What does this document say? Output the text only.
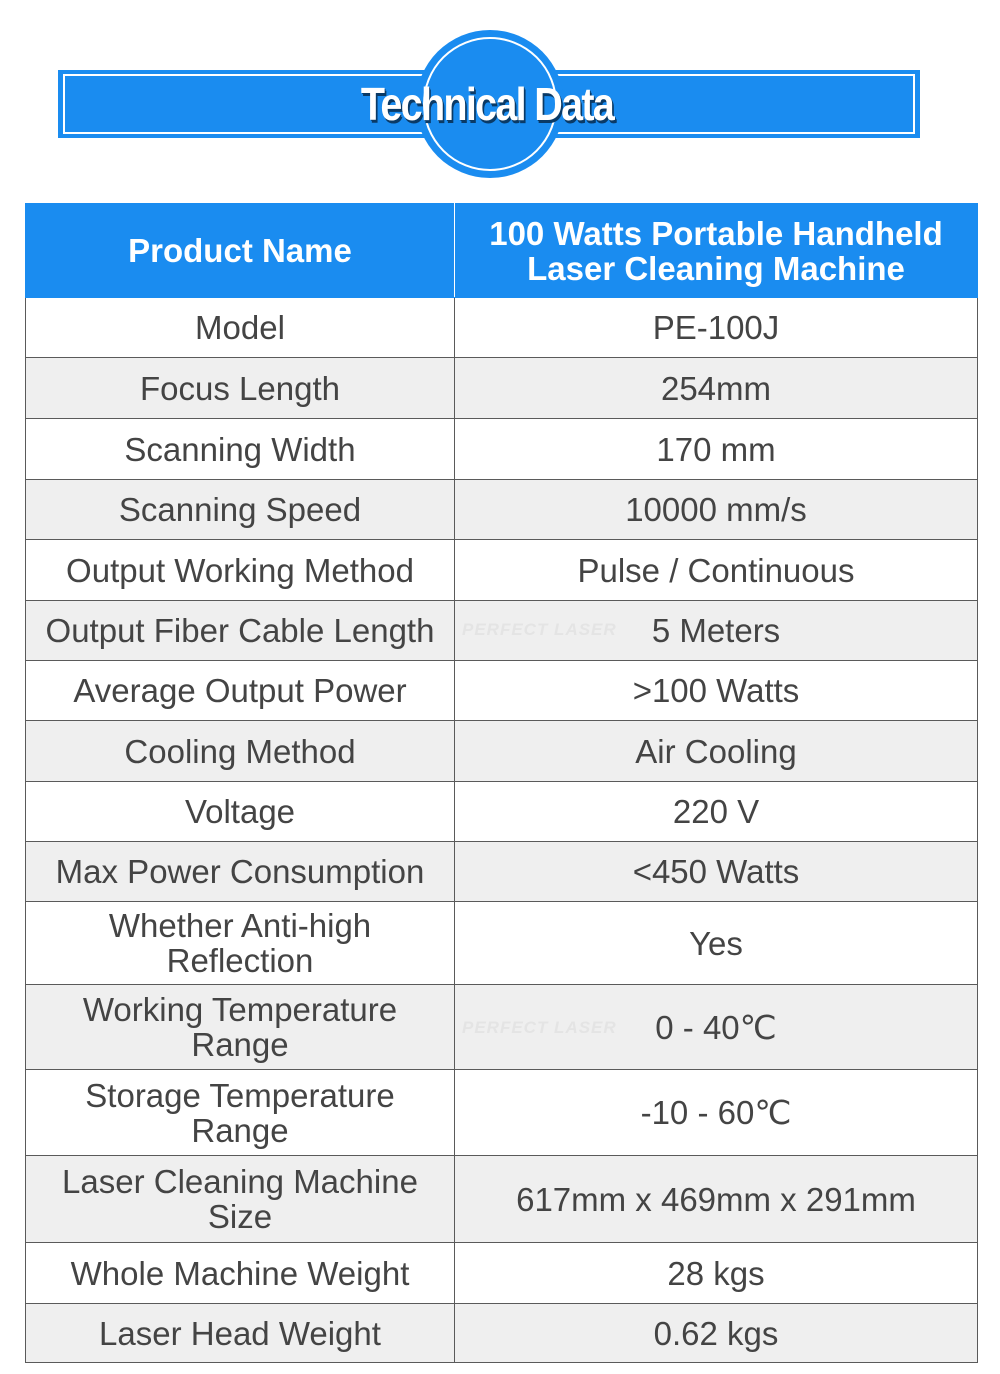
Technical Data
Product Name	100 Watts Portable Handheld
Laser Cleaning Machine

Model	PE-100J
Focus Length	254mm
Scanning Width	170 mm
Scanning Speed	10000 mm/s
Output Working Method	Pulse / Continuous
Output Fiber Cable Length	5 Meters
Average Output Power	>100 Watts
Cooling Method	Air Cooling
Voltage	220 V
Max Power Consumption	<450 Watts

Whether Anti-high
Reflection	Yes

Working Temperature
Range	0 - 40℃

Storage Temperature
Range	-10 - 60℃

Laser Cleaning Machine
Size	617mm x 469mm x 291mm
Whole Machine Weight	28 kgs
Laser Head Weight	0.62 kgs
PERFECT LASER
PERFECT LASER
